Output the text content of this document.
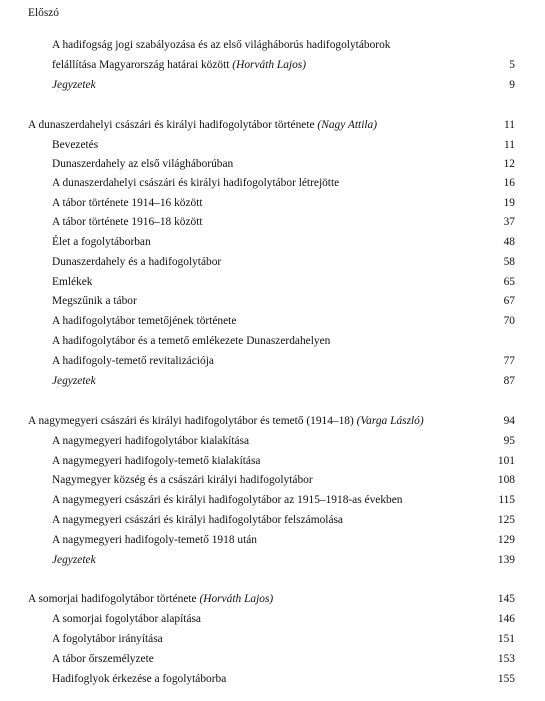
Előszó
A hadifogság jogi szabályozása és az első világháborús hadifogolytáborok
felállítása Magyarország határai között (Horváth Lajos)	5
Jegyzetek	9
A dunaszerdahelyi császári és királyi hadifogolytábor története (Nagy Attila)	11
Bevezetés	11
Dunaszerdahely az első világháborúban	12
A dunaszerdahelyi császári és királyi hadifogolytábor létrejötte	16
A tábor története 1914–16 között	19
A tábor története 1916–18 között	37
Élet a fogolytáborban	48
Dunaszerdahely és a hadifogolytábor	58
Emlékek	65
Megszűnik a tábor	67
A hadifogolytábor temetőjének története	70
A hadifogolytábor és a temető emlékezete Dunaszerdahelyen
A hadifogoly-temető revitalizációja	77
Jegyzetek	87
A nagymegyeri császári és királyi hadifogolytábor és temető (1914–18) (Varga László)	94
A nagymegyeri hadifogolytábor kialakítása	95
A nagymegyeri hadifogoly-temető kialakítása	101
Nagymegyer község és a császári királyi hadifogolytábor	108
A nagymegyeri császári és királyi hadifogolytábor az 1915–1918-as években	115
A nagymegyeri császári és királyi hadifogolytábor felszámolása	125
A nagymegyeri hadifogoly-temető 1918 után	129
Jegyzetek	139
A somorjai hadifogolytábor története (Horváth Lajos)	145
A somorjai fogolytábor alapítása	146
A fogolytábor irányítása	151
A tábor őrszemélyzete	153
Hadifoglyok érkezése a fogolytáborba	155
